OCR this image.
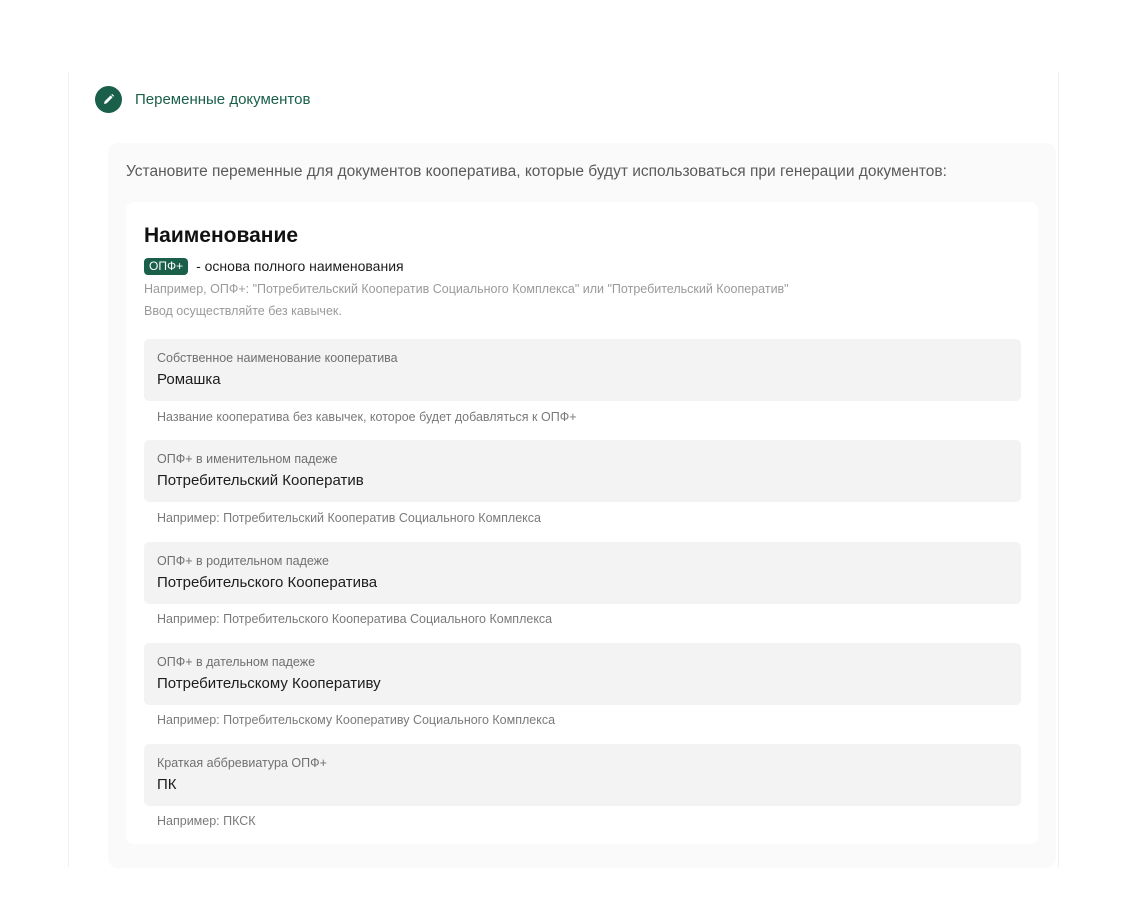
Переменные документов
Установите переменные для документов кооператива, которые будут использоваться при генерации документов:
Наименование
ОПФ+ - основа полного наименования
Например, ОПФ+: "Потребительский Кооператив Социального Комплекса" или "Потребительский Кооператив"
Ввод осуществляйте без кавычек.
Собственное наименование кооператива
Ромашка
Название кооператива без кавычек, которое будет добавляться к ОПФ+
ОПФ+ в именительном падеже
Потребительский Кооператив
Например: Потребительский Кооператив Социального Комплекса
ОПФ+ в родительном падеже
Потребительского Кооператива
Например: Потребительского Кооператива Социального Комплекса
ОПФ+ в дательном падеже
Потребительскому Кооперативу
Например: Потребительскому Кооперативу Социального Комплекса
Краткая аббревиатура ОПФ+
ПК
Например: ПКСК
